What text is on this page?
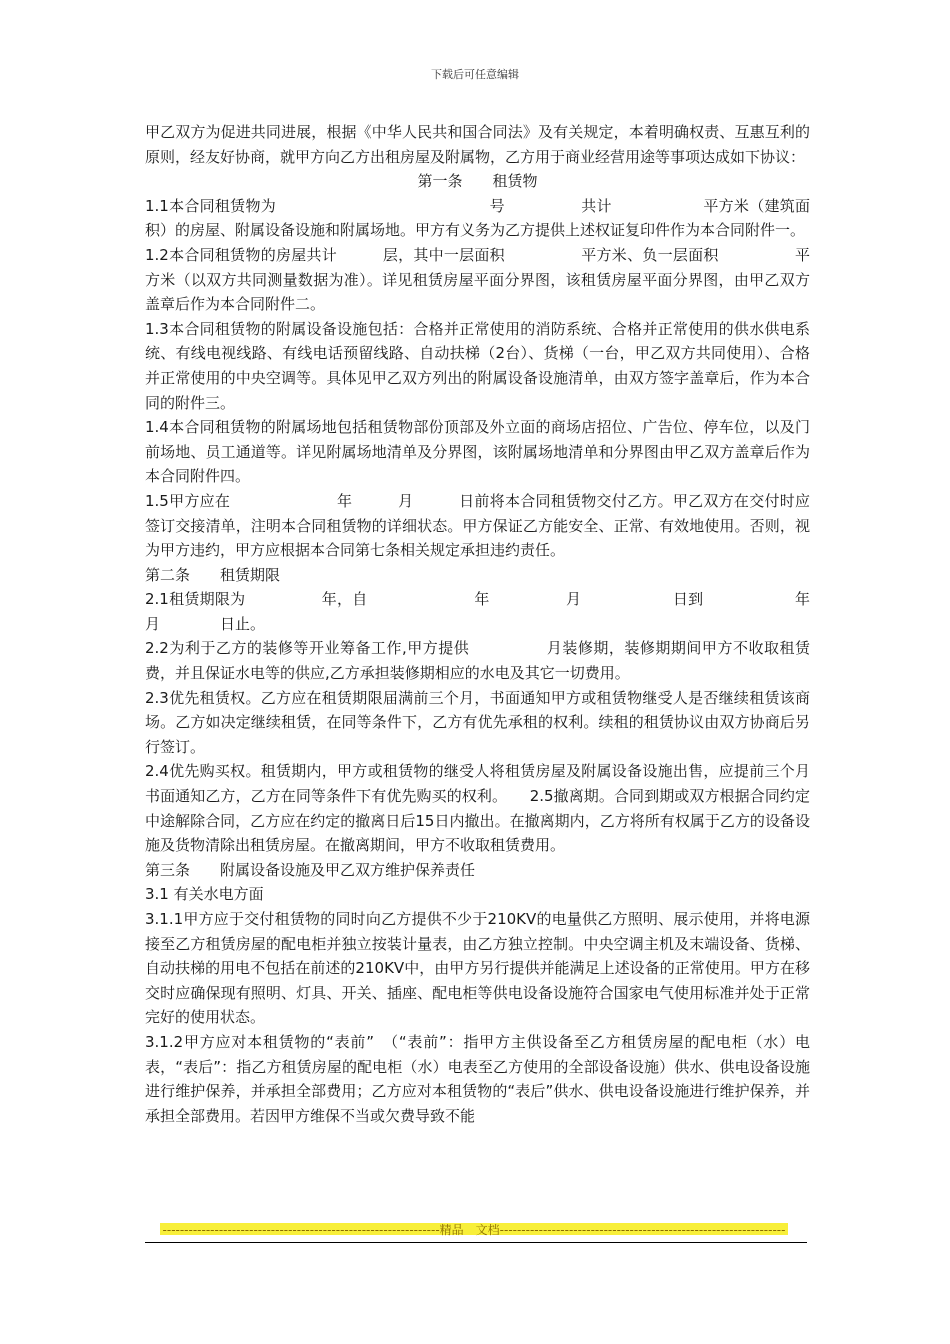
下载后可任意编辑

甲乙双方为促进共同进展，根据《中华人民共和国合同法》及有关规定，本着明确权责、互惠互利的原则，经友好协商，就甲方向乙方出租房屋及附属物，乙方用于商业经营用途等事项达成如下协议：

第一条　　租赁物

1.1本合同租赁物为　　　　　　　　　　　　　　号　　　　　共计　　　　　　平方米（建筑面积）的房屋、附属设备设施和附属场地。甲方有义务为乙方提供上述权证复印件作为本合同附件一。

1.2本合同租赁物的房屋共计　　　层，其中一层面积　　　　　平方米、负一层面积　　　　　平方米（以双方共同测量数据为准）。详见租赁房屋平面分界图，该租赁房屋平面分界图，由甲乙双方盖章后作为本合同附件二。

1.3本合同租赁物的附属设备设施包括：合格并正常使用的消防系统、合格并正常使用的供水供电系统、有线电视线路、有线电话预留线路、自动扶梯（2台）、货梯（一台，甲乙双方共同使用）、合格并正常使用的中央空调等。具体见甲乙双方列出的附属设备设施清单，由双方签字盖章后，作为本合同的附件三。

1.4本合同租赁物的附属场地包括租赁物部份顶部及外立面的商场店招位、广告位、停车位，以及门前场地、员工通道等。详见附属场地清单及分界图，该附属场地清单和分界图由甲乙双方盖章后作为本合同附件四。

1.5甲方应在　　　　　　　年　　　月　　　日前将本合同租赁物交付乙方。甲乙双方在交付时应签订交接清单，注明本合同租赁物的详细状态。甲方保证乙方能安全、正常、有效地使用。否则，视为甲方违约，甲方应根据本合同第七条相关规定承担违约责任。

第二条　　租赁期限

2.1租赁期限为　　　　　年，自　　　　　　　年　　　　　月　　　　　　日到　　　　　　年　　　　月　　　　日止。

2.2为利于乙方的装修等开业筹备工作,甲方提供　　　　　月装修期，装修期期间甲方不收取租赁费，并且保证水电等的供应,乙方承担装修期相应的水电及其它一切费用。

2.3优先租赁权。乙方应在租赁期限届满前三个月，书面通知甲方或租赁物继受人是否继续租赁该商场。乙方如决定继续租赁，在同等条件下，乙方有优先承租的权利。续租的租赁协议由双方协商后另行签订。

2.4优先购买权。租赁期内，甲方或租赁物的继受人将租赁房屋及附属设备设施出售，应提前三个月书面通知乙方，乙方在同等条件下有优先购买的权利。　　2.5撤离期。合同到期或双方根据合同约定中途解除合同，乙方应在约定的撤离日后15日内撤出。在撤离期内，乙方将所有权属于乙方的设备设施及货物清除出租赁房屋。在撤离期间，甲方不收取租赁费用。

第三条　　附属设备设施及甲乙双方维护保养责任

3.1 有关水电方面

3.1.1甲方应于交付租赁物的同时向乙方提供不少于210KV的电量供乙方照明、展示使用，并将电源接至乙方租赁房屋的配电柜并独立按装计量表，由乙方独立控制。中央空调主机及末端设备、货梯、自动扶梯的用电不包括在前述的210KV中，由甲方另行提供并能满足上述设备的正常使用。甲方在移交时应确保现有照明、灯具、开关、插座、配电柜等供电设备设施符合国家电气使用标准并处于正常完好的使用状态。

3.1.2甲方应对本租赁物的“表前”　（“表前”：指甲方主供设备至乙方租赁房屋的配电柜（水）电表，“表后”：指乙方租赁房屋的配电柜（水）电表至乙方使用的全部设备设施）供水、供电设备设施进行维护保养，并承担全部费用；乙方应对本租赁物的“表后”供水、供电设备设施进行维护保养，并承担全部费用。若因甲方维保不当或欠费导致不能

----------------------------------------------------------------精品　文档------------------------------------------------------------------
